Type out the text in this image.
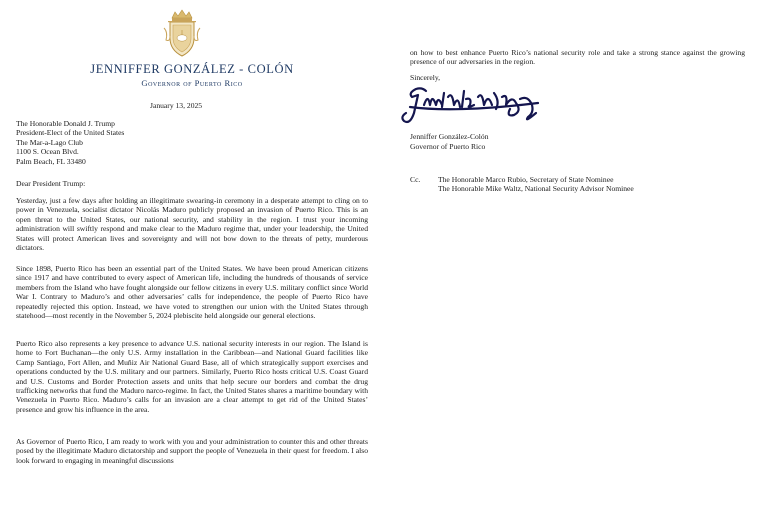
JENNIFFER GONZÁLEZ - COLÓN
Governor of Puerto Rico

January 13, 2025

The Honorable Donald J. Trump
President-Elect of the United States
The Mar-a-Lago Club
1100 S. Ocean Blvd.
Palm Beach, FL 33480

Dear President Trump:

Yesterday, just a few days after holding an illegitimate swearing-in ceremony in a desperate attempt to cling on to power in Venezuela, socialist dictator Nicolás Maduro publicly proposed an invasion of Puerto Rico. This is an open threat to the United States, our national security, and stability in the region. I trust your incoming administration will swiftly respond and make clear to the Maduro regime that, under your leadership, the United States will protect American lives and sovereignty and will not bow down to the threats of petty, murderous dictators.

Since 1898, Puerto Rico has been an essential part of the United States. We have been proud American citizens since 1917 and have contributed to every aspect of American life, including the hundreds of thousands of service members from the Island who have fought alongside our fellow citizens in every U.S. military conflict since World War I. Contrary to Maduro’s and other adversaries’ calls for independence, the people of Puerto Rico have repeatedly rejected this option. Instead, we have voted to strengthen our union with the United States through statehood—most recently in the November 5, 2024 plebiscite held alongside our general elections.

Puerto Rico also represents a key presence to advance U.S. national security interests in our region. The Island is home to Fort Buchanan—the only U.S. Army installation in the Caribbean—and National Guard facilities like Camp Santiago, Fort Allen, and Muñiz Air National Guard Base, all of which strategically support exercises and operations conducted by the U.S. military and our partners. Similarly, Puerto Rico hosts critical U.S. Coast Guard and U.S. Customs and Border Protection assets and units that help secure our borders and combat the drug trafficking networks that fund the Maduro narco-regime. In fact, the United States shares a maritime boundary with Venezuela in Puerto Rico. Maduro’s calls for an invasion are a clear attempt to get rid of the United States’ presence and grow his influence in the area.

As Governor of Puerto Rico, I am ready to work with you and your administration to counter this and other threats posed by the illegitimate Maduro dictatorship and support the people of Venezuela in their quest for freedom. I also look forward to engaging in meaningful discussions

on how to best enhance Puerto Rico’s national security role and take a strong stance against the growing presence of our adversaries in the region.

Sincerely,

Jenniffer González-Colón

Governor of Puerto Rico

Cc. The Honorable Marco Rubio, Secretary of State Nominee
The Honorable Mike Waltz, National Security Advisor Nominee
